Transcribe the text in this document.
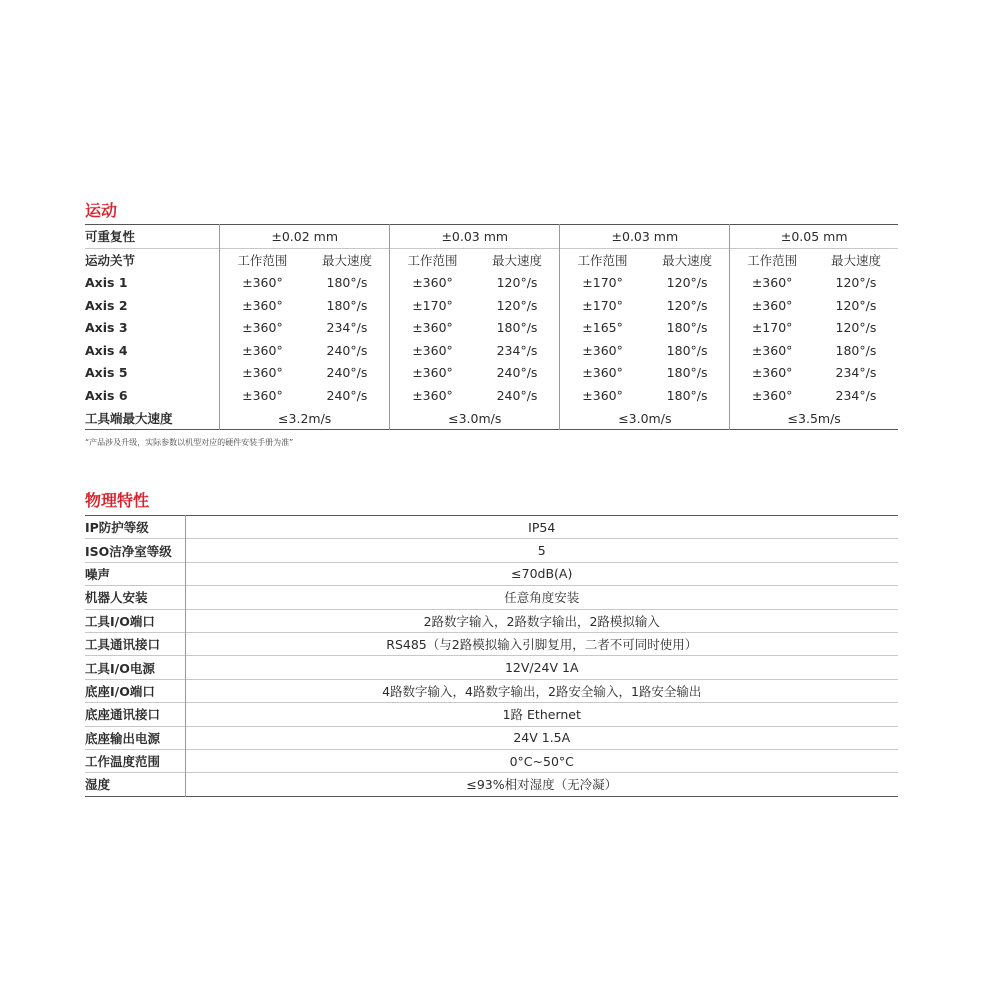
运动
可重复性	±0.02 mm		±0.03 mm		±0.03 mm		±0.05 mm	
运动关节	工作范围	最大速度	工作范围	最大速度	工作范围	最大速度	工作范围	最大速度
Axis 1	±360°	180°/s	±360°	120°/s	±170°	120°/s	±360°	120°/s
Axis 2	±360°	180°/s	±170°	120°/s	±170°	120°/s	±360°	120°/s
Axis 3	±360°	234°/s	±360°	180°/s	±165°	180°/s	±170°	120°/s
Axis 4	±360°	240°/s	±360°	234°/s	±360°	180°/s	±360°	180°/s
Axis 5	±360°	240°/s	±360°	240°/s	±360°	180°/s	±360°	234°/s
Axis 6	±360°	240°/s	±360°	240°/s	±360°	180°/s	±360°	234°/s
工具端最大速度	≤3.2m/s		≤3.0m/s		≤3.0m/s		≤3.5m/s	

“产品涉及升级，实际参数以机型对应的硬件安装手册为准”

物理特性
IP防护等级	IP54
ISO洁净室等级	5
噪声	≤70dB(A)
机器人安装	任意角度安装
工具I/O端口	2路数字输入，2路数字输出，2路模拟输入
工具通讯接口	RS485（与2路模拟输入引脚复用，二者不可同时使用）
工具I/O电源	12V/24V 1A
底座I/O端口	4路数字输入，4路数字输出，2路安全输入，1路安全输出
底座通讯接口	1路 Ethernet
底座输出电源	24V 1.5A
工作温度范围	0°C~50°C
湿度	≤93%相对湿度（无冷凝）
